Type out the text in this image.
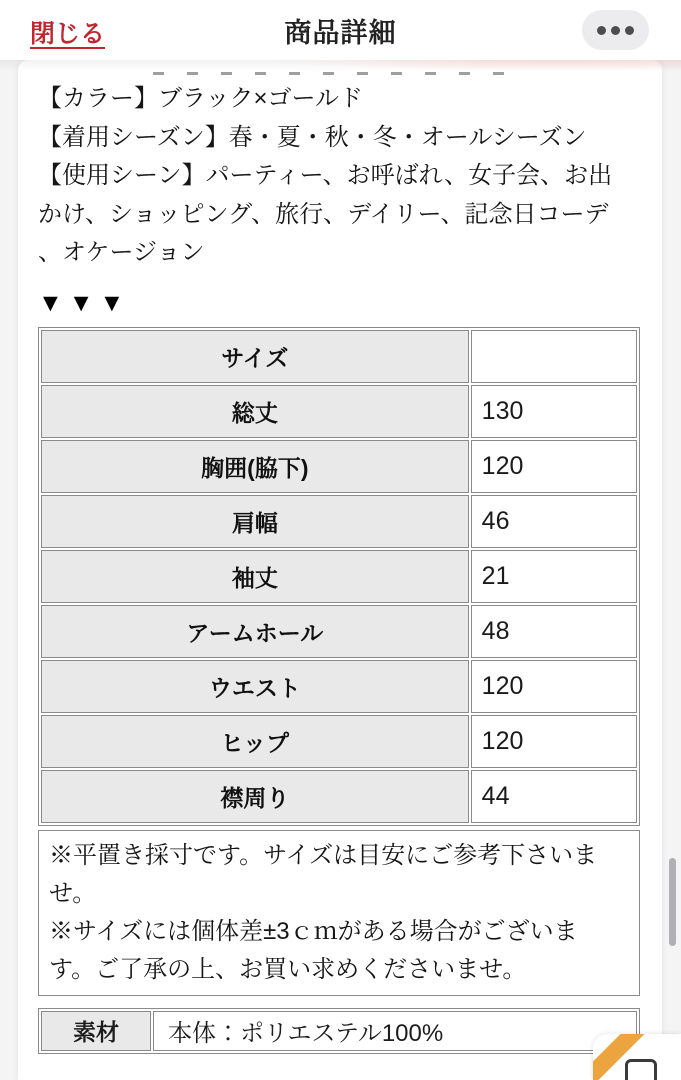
閉じる	商品詳細
【カラー】ブラック×ゴールド
【着用シーズン】春・夏・秋・冬・オールシーズン
【使用シーン】パーティー、お呼ばれ、女子会、お出
かけ、ショッピング、旅行、デイリー、記念日コーデ
、オケージョン
▼▼▼
サイズ	
総丈	130
胸囲(脇下)	120
肩幅	46
袖丈	21
アームホール	48
ウエスト	120
ヒップ	120
襟周り	44
※平置き採寸です。サイズは目安にご参考下さいま
せ。
※サイズには個体差±3ｃｍがある場合がございま
す。ご了承の上、お買い求めくださいませ。
素材	本体：ポリエステル100%
